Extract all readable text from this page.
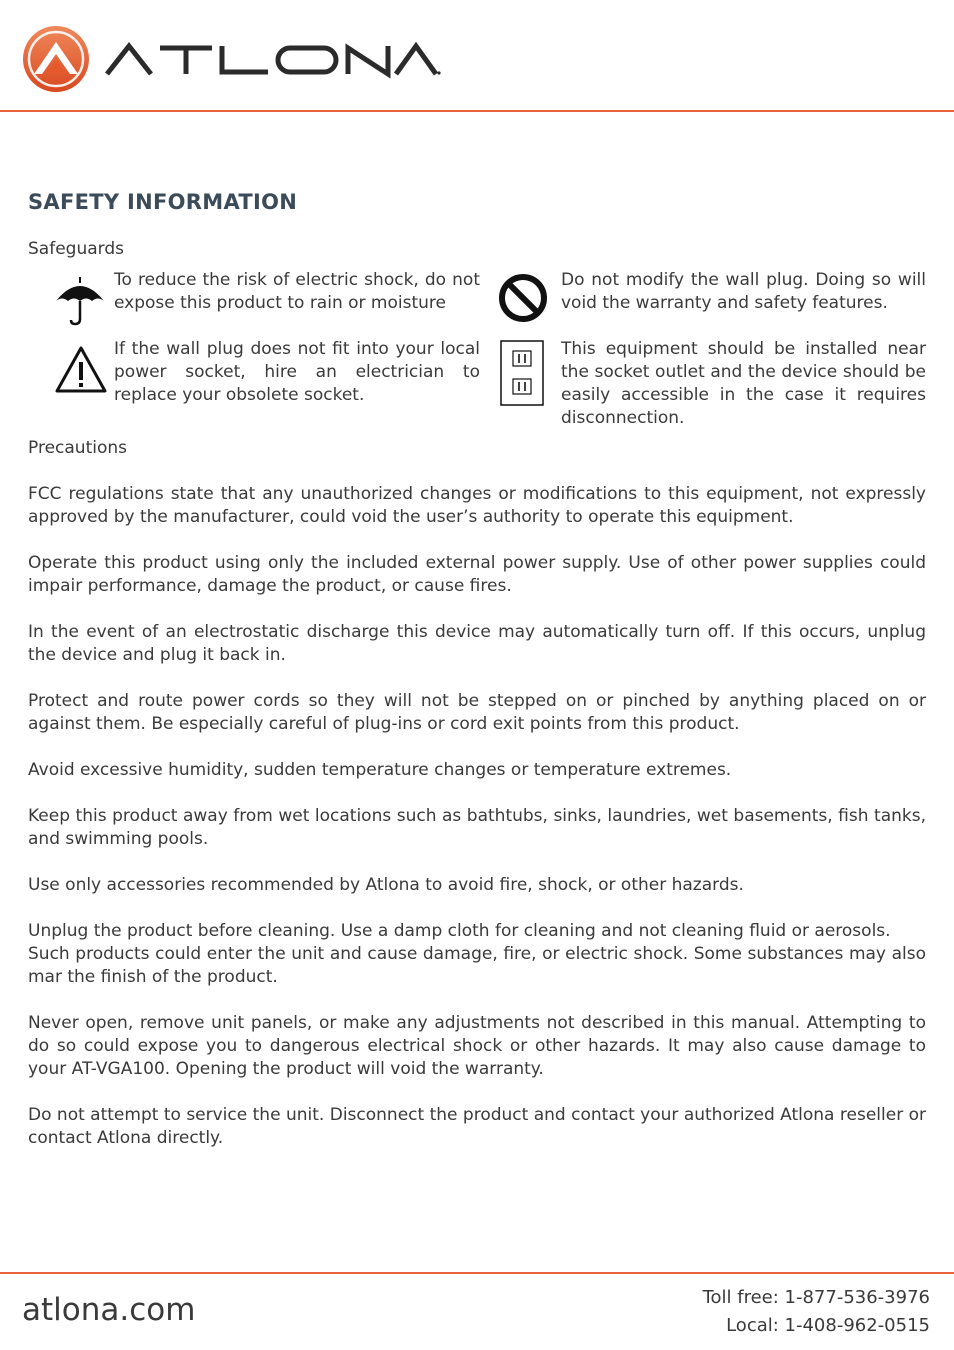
SAFETY INFORMATION
Safeguards
To reduce the risk of electric shock, do not expose this product to rain or moisture
Do not modify the wall plug. Doing so will void the warranty and safety features.
If the wall plug does not fit into your local power socket, hire an electrician to replace your obsolete socket.
This equipment should be installed near the socket outlet and the device should be easily accessible in the case it requires disconnection.
Precautions
FCC regulations state that any unauthorized changes or modifications to this equipment, not expressly approved by the manufacturer, could void the user’s authority to operate this equipment.
Operate this product using only the included external power supply. Use of other power supplies could impair performance, damage the product, or cause fires.
In the event of an electrostatic discharge this device may automatically turn off. If this occurs, unplug the device and plug it back in.
Protect and route power cords so they will not be stepped on or pinched by anything placed on or against them. Be especially careful of plug-ins or cord exit points from this product.
Avoid excessive humidity, sudden temperature changes or temperature extremes.
Keep this product away from wet locations such as bathtubs, sinks, laundries, wet basements, fish tanks, and swimming pools.
Use only accessories recommended by Atlona to avoid fire, shock, or other hazards.
Unplug the product before cleaning. Use a damp cloth for cleaning and not cleaning fluid or aerosols.
Such products could enter the unit and cause damage, fire, or electric shock. Some substances may also mar the finish of the product.
Never open, remove unit panels, or make any adjustments not described in this manual. Attempting to do so could expose you to dangerous electrical shock or other hazards. It may also cause damage to your AT-VGA100. Opening the product will void the warranty.
Do not attempt to service the unit. Disconnect the product and contact your authorized Atlona reseller or contact Atlona directly.
atlona.com	Toll free: 1-877-536-3976
Local: 1-408-962-0515
